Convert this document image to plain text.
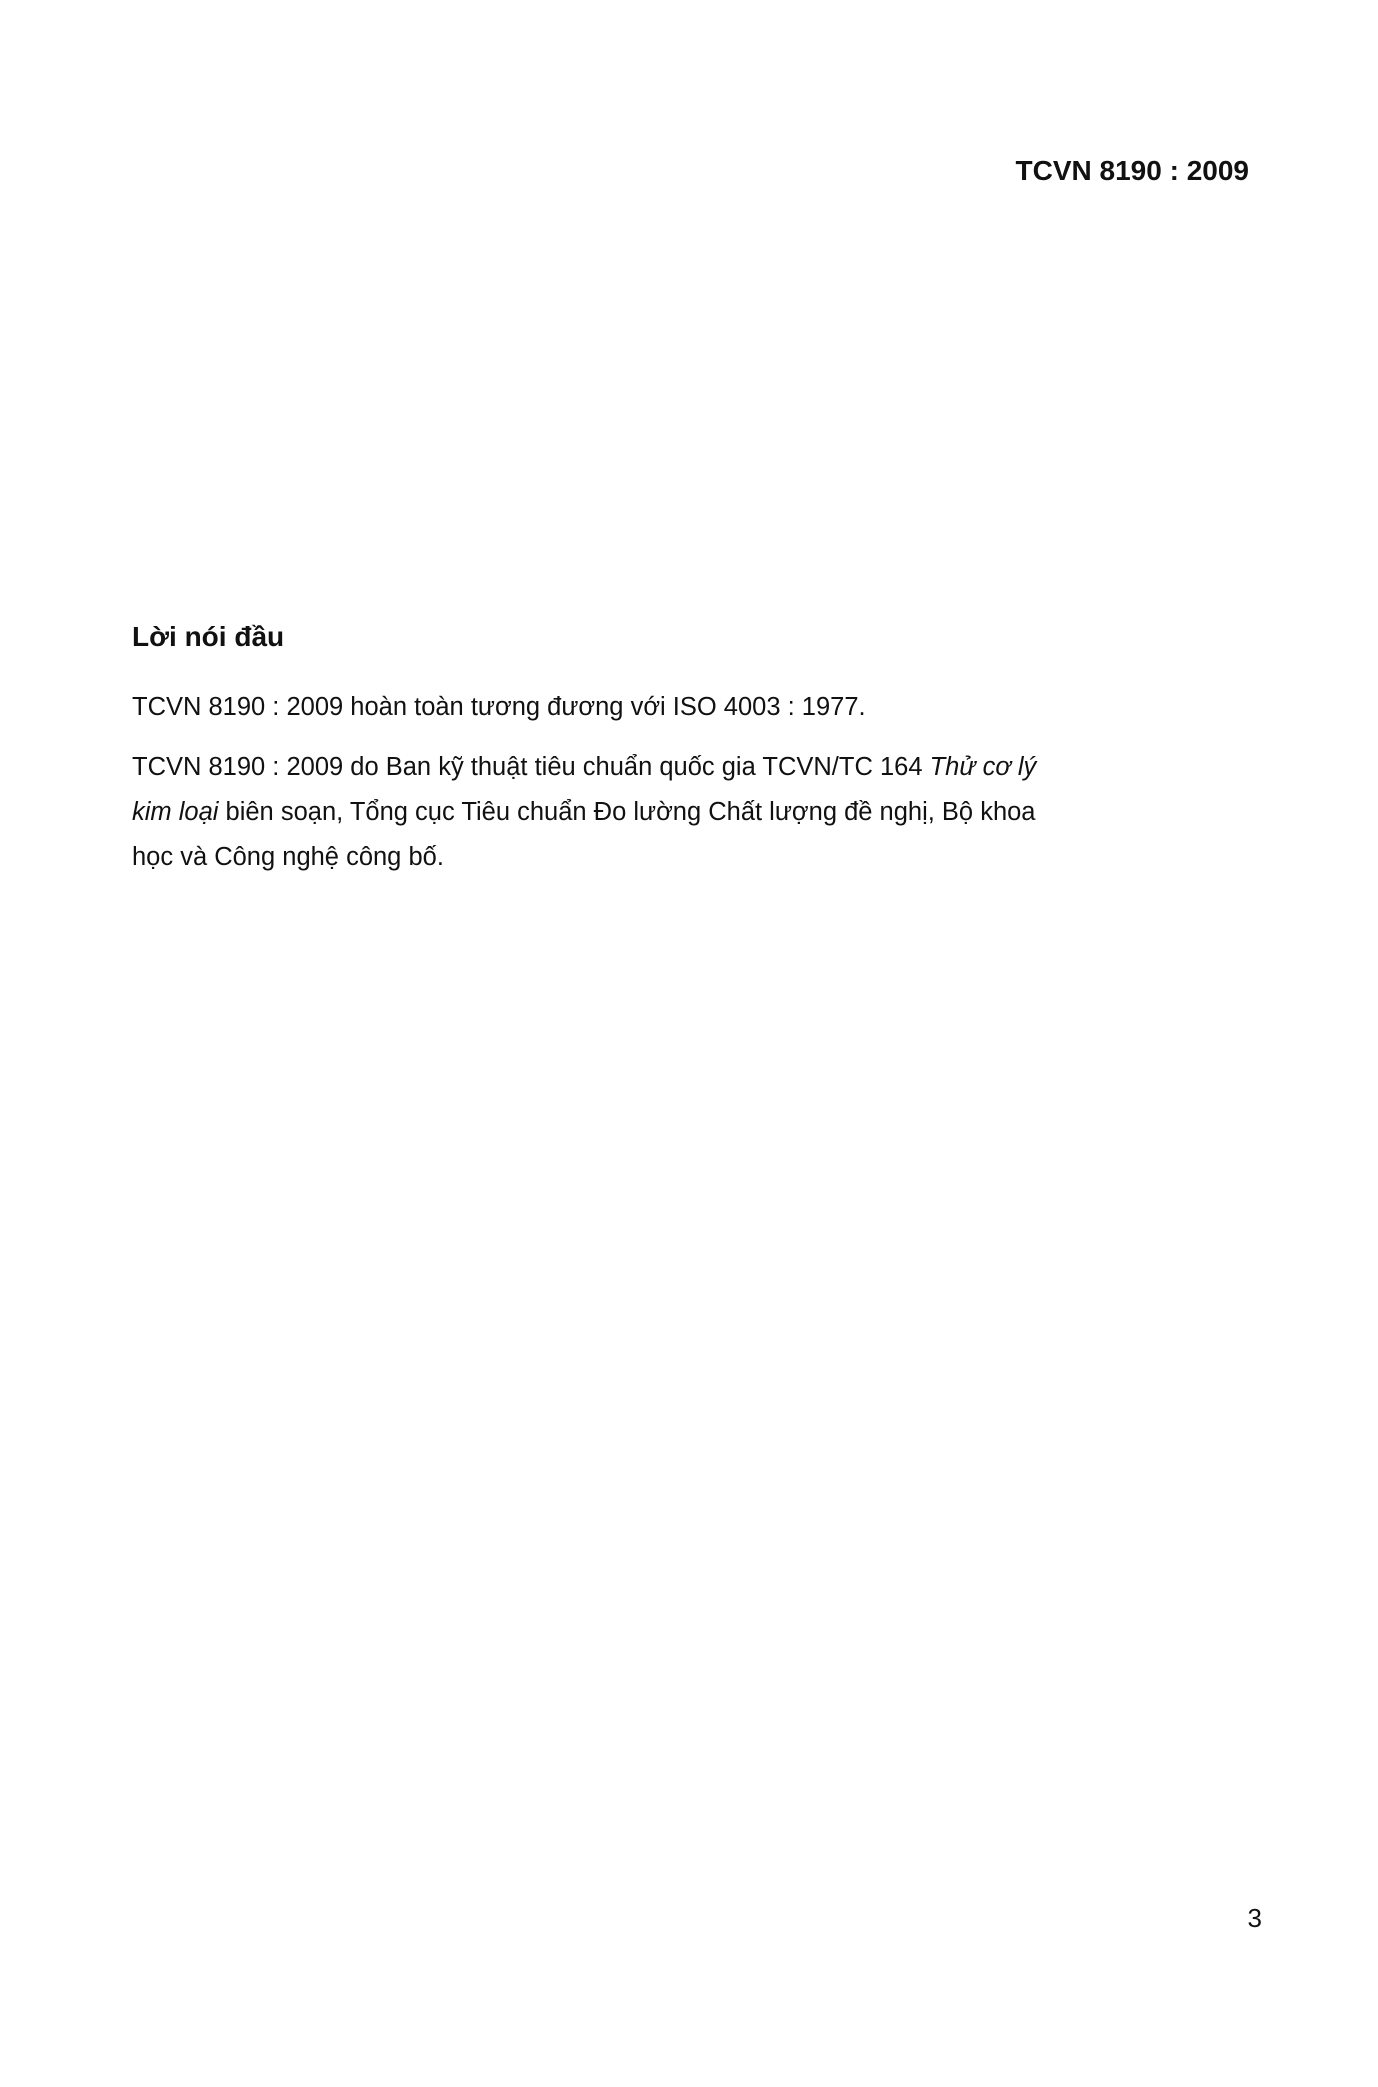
TCVN 8190 : 2009
Lời nói đầu
TCVN 8190 : 2009 hoàn toàn tương đương với ISO 4003 : 1977.
TCVN 8190 : 2009 do Ban kỹ thuật tiêu chuẩn quốc gia TCVN/TC 164 Thử cơ lý
kim loại biên soạn, Tổng cục Tiêu chuẩn Đo lường Chất lượng đề nghị, Bộ khoa
học và Công nghệ công bố.
3
